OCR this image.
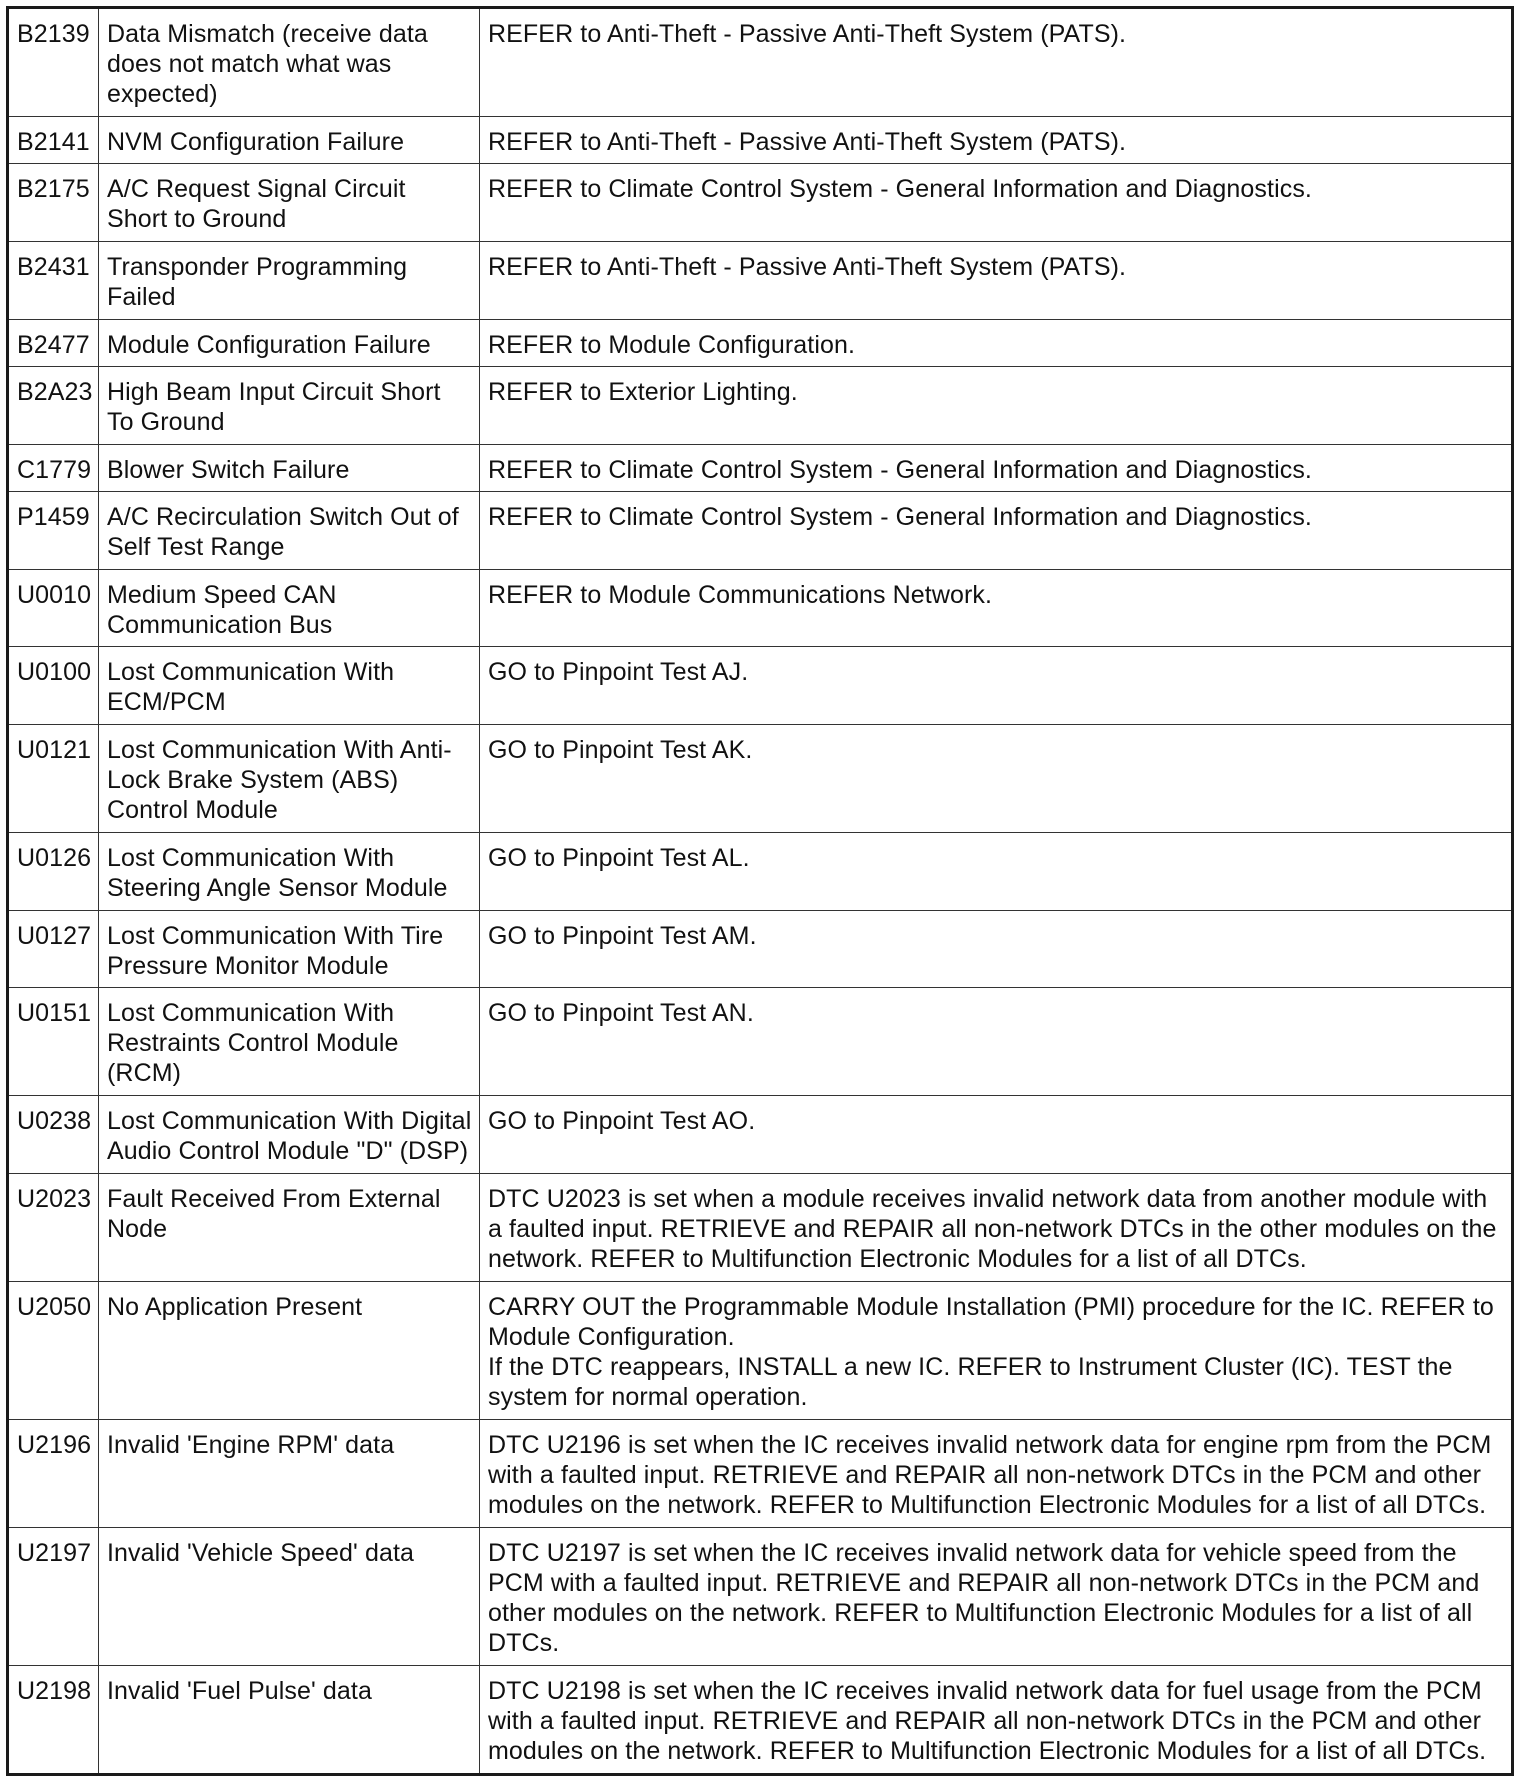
B2139	Data Mismatch (receive data does not match what was expected)	REFER to Anti-Theft - Passive Anti-Theft System (PATS).

B2141	NVM Configuration Failure	REFER to Anti-Theft - Passive Anti-Theft System (PATS).

B2175	A/C Request Signal Circuit Short to Ground	REFER to Climate Control System - General Information and Diagnostics.

B2431	Transponder Programming Failed	REFER to Anti-Theft - Passive Anti-Theft System (PATS).

B2477	Module Configuration Failure	REFER to Module Configuration.

B2A23	High Beam Input Circuit Short To Ground	REFER to Exterior Lighting.

C1779	Blower Switch Failure	REFER to Climate Control System - General Information and Diagnostics.

P1459	A/C Recirculation Switch Out of Self Test Range	REFER to Climate Control System - General Information and Diagnostics.

U0010	Medium Speed CAN Communication Bus	REFER to Module Communications Network.

U0100	Lost Communication With ECM/PCM	GO to Pinpoint Test AJ.

U0121	Lost Communication With Anti-Lock Brake System (ABS) Control Module	GO to Pinpoint Test AK.

U0126	Lost Communication With Steering Angle Sensor Module	GO to Pinpoint Test AL.

U0127	Lost Communication With Tire Pressure Monitor Module	GO to Pinpoint Test AM.

U0151	Lost Communication With Restraints Control Module (RCM)	GO to Pinpoint Test AN.

U0238	Lost Communication With Digital Audio Control Module "D" (DSP)	GO to Pinpoint Test AO.

U2023	Fault Received From External Node	DTC U2023 is set when a module receives invalid network data from another module with a faulted input. RETRIEVE and REPAIR all non-network DTCs in the other modules on the network. REFER to Multifunction Electronic Modules for a list of all DTCs.

U2050	No Application Present	CARRY OUT the Programmable Module Installation (PMI) procedure for the IC. REFER to Module Configuration.
If the DTC reappears, INSTALL a new IC. REFER to Instrument Cluster (IC). TEST the system for normal operation.

U2196	Invalid 'Engine RPM' data	DTC U2196 is set when the IC receives invalid network data for engine rpm from the PCM with a faulted input. RETRIEVE and REPAIR all non-network DTCs in the PCM and other modules on the network. REFER to Multifunction Electronic Modules for a list of all DTCs.

U2197	Invalid 'Vehicle Speed' data	DTC U2197 is set when the IC receives invalid network data for vehicle speed from the PCM with a faulted input. RETRIEVE and REPAIR all non-network DTCs in the PCM and other modules on the network. REFER to Multifunction Electronic Modules for a list of all DTCs.

U2198	Invalid 'Fuel Pulse' data	DTC U2198 is set when the IC receives invalid network data for fuel usage from the PCM with a faulted input. RETRIEVE and REPAIR all non-network DTCs in the PCM and other modules on the network. REFER to Multifunction Electronic Modules for a list of all DTCs.
